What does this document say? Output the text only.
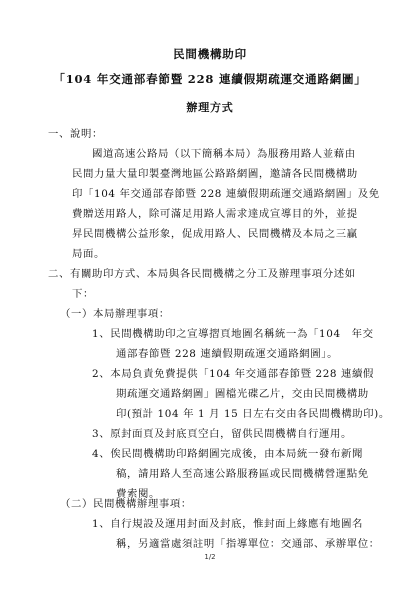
民間機構助印
「104 年交通部春節暨 228 連續假期疏運交通路網圖」
辦理方式
一、說明：
國道高速公路局（以下簡稱本局）為服務用路人並藉由
民間力量大量印製臺灣地區公路路網圖，邀請各民間機構助
印「104 年交通部春節暨 228 連續假期疏運交通路網圖」及免
費贈送用路人，除可滿足用路人需求達成宣導目的外，並提
昇民間機構公益形象，促成用路人、民間機構及本局之三贏
局面。
二、有關助印方式、本局與各民間機構之分工及辦理事項分述如
下：
（一）本局辦理事項：
1、民間機構助印之宣導摺頁地圖名稱統一為「104　年交
通部春節暨 228 連續假期疏運交通路網圖」。
2、本局負責免費提供「104 年交通部春節暨 228 連續假
期疏運交通路網圖」圖檔光碟乙片，交由民間機構助
印(預計 104 年 1 月 15 日左右交由各民間機構助印)。
3、原封面頁及封底頁空白，留供民間機構自行運用。
4、俟民間機構助印路網圖完成後，由本局統一發布新聞
稿，請用路人至高速公路服務區或民間機構營運點免
費索閱。
（二）民間機構辦理事項：
1、自行規設及運用封面及封底，惟封面上緣應有地圖名
1/2
稱，另適當處須註明「指導單位：交通部、承辦單位：
